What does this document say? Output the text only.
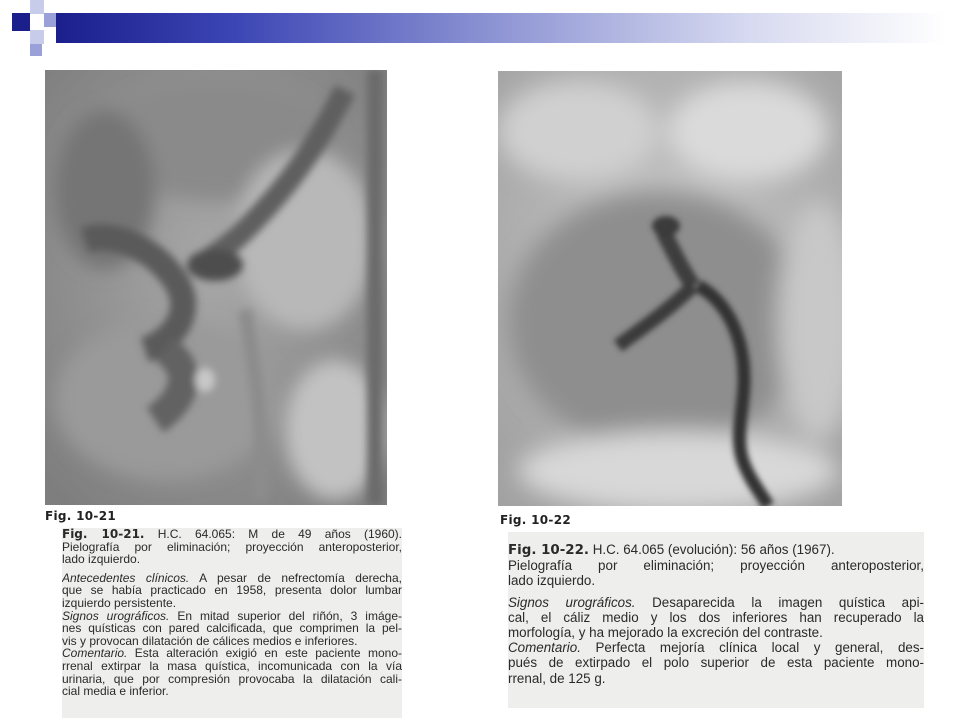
Fig. 10-21	Fig. 10-22
Fig. 10-21. H.C. 64.065: M de 49 años (1960).
Pielografía por eliminación; proyección anteroposterior,
lado izquierdo.
Antecedentes clínicos. A pesar de nefrectomía derecha,
que se había practicado en 1958, presenta dolor lumbar
izquierdo persistente.
Signos urográficos. En mitad superior del riñón, 3 imáge-
nes quísticas con pared calcificada, que comprimen la pel-
vis y provocan dilatación de cálices medios e inferiores.
Comentario. Esta alteración exigió en este paciente mono-
rrenal extirpar la masa quística, incomunicada con la vía
urinaria, que por compresión provocaba la dilatación cali-
cial media e inferior.
Fig. 10-22. H.C. 64.065 (evolución): 56 años (1967).
Pielografía por eliminación; proyección anteroposterior,
lado izquierdo.
Signos urográficos. Desaparecida la imagen quística api-
cal, el cáliz medio y los dos inferiores han recuperado la
morfología, y ha mejorado la excreción del contraste.
Comentario. Perfecta mejoría clínica local y general, des-
pués de extirpado el polo superior de esta paciente mono-
rrenal, de 125 g.
